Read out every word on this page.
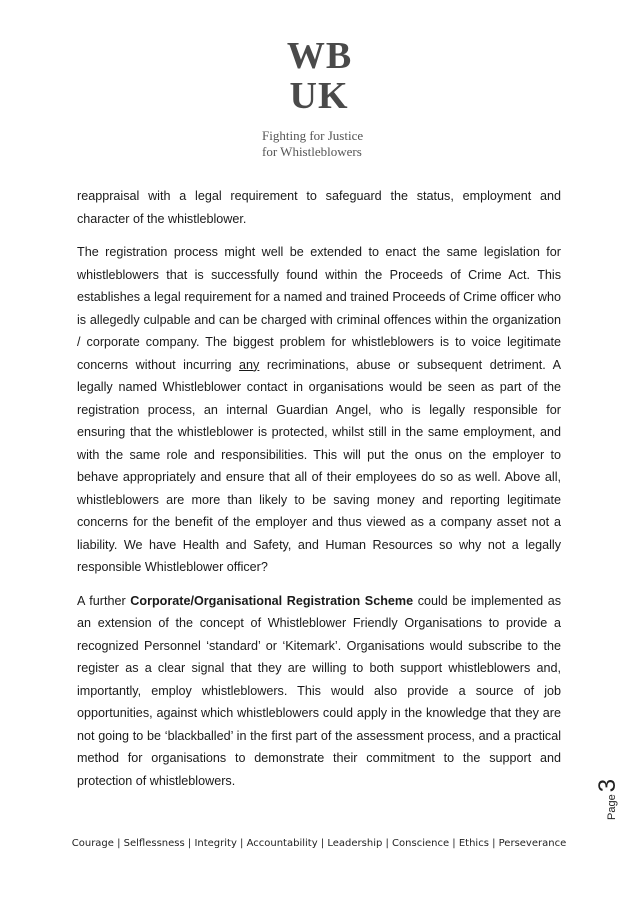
WB
UK
Fighting for Justice
for Whistleblowers

reappraisal with a legal requirement to safeguard the status, employment and character of the whistleblower.

The registration process might well be extended to enact the same legislation for whistleblowers that is successfully found within the Proceeds of Crime Act. This establishes a legal requirement for a named and trained Proceeds of Crime officer who is allegedly culpable and can be charged with criminal offences within the organization / corporate company. The biggest problem for whistleblowers is to voice legitimate concerns without incurring any recriminations, abuse or subsequent detriment. A legally named Whistleblower contact in organisations would be seen as part of the registration process, an internal Guardian Angel, who is legally responsible for ensuring that the whistleblower is protected, whilst still in the same employment, and with the same role and responsibilities. This will put the onus on the employer to behave appropriately and ensure that all of their employees do so as well. Above all, whistleblowers are more than likely to be saving money and reporting legitimate concerns for the benefit of the employer and thus viewed as a company asset not a liability. We have Health and Safety, and Human Resources so why not a legally responsible Whistleblower officer?

A further Corporate/Organisational Registration Scheme could be implemented as an extension of the concept of Whistleblower Friendly Organisations to provide a recognized Personnel ‘standard’ or ‘Kitemark’. Organisations would subscribe to the register as a clear signal that they are willing to both support whistleblowers and, importantly, employ whistleblowers. This would also provide a source of job opportunities, against which whistleblowers could apply in the knowledge that they are not going to be ‘blackballed’ in the first part of the assessment process, and a practical method for organisations to demonstrate their commitment to the support and protection of whistleblowers.

Page
3
Courage | Selflessness | Integrity | Accountability | Leadership | Conscience | Ethics | Perseverance
